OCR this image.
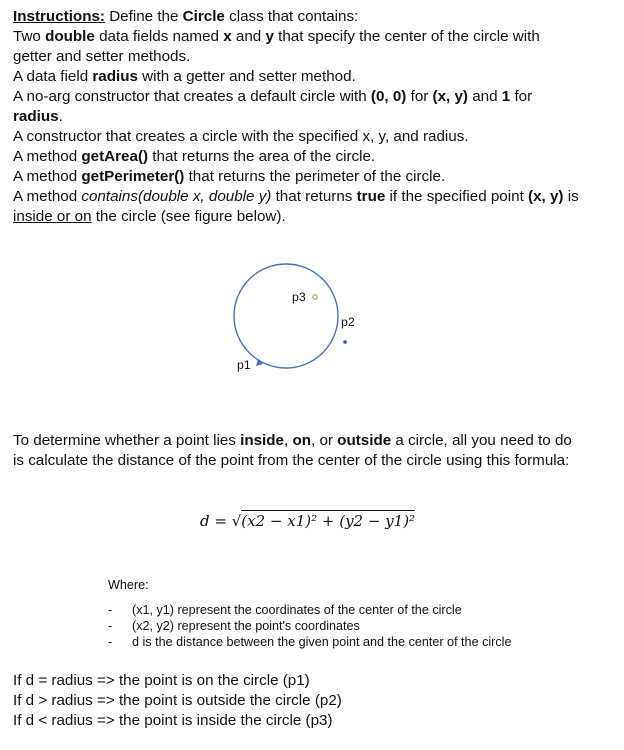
Instructions: Define the Circle class that contains:
Two double data fields named x and y that specify the center of the circle with
getter and setter methods.
A data field radius with a getter and setter method.
A no-arg constructor that creates a default circle with (0, 0) for (x, y) and 1 for
radius.
A constructor that creates a circle with the specified x, y, and radius.
A method getArea() that returns the area of the circle.
A method getPerimeter() that returns the perimeter of the circle.
A method contains(double x, double y) that returns true if the specified point (x, y) is
inside or on the circle (see figure below).
p3
p2
p1
To determine whether a point lies inside, on, or outside a circle, all you need to do
is calculate the distance of the point from the center of the circle using this formula:
d = √(x2 − x1)² + (y2 − y1)²
Where:
- (x1, y1) represent the coordinates of the center of the circle
- (x2, y2) represent the point's coordinates
- d is the distance between the given point and the center of the circle
If d = radius => the point is on the circle (p1)
If d > radius => the point is outside the circle (p2)
If d < radius => the point is inside the circle (p3)
